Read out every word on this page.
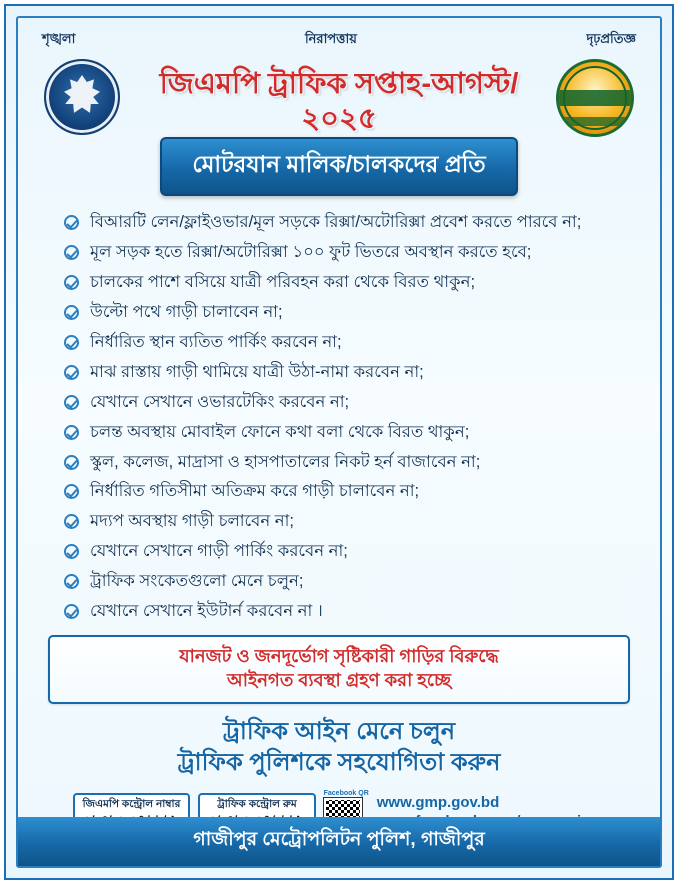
শৃঙ্খলা	নিরাপত্তায়	দৃঢ়প্রতিজ্ঞ
জিএমপি ট্রাফিক সপ্তাহ-আগস্ট/২০২৫
মোটরযান মালিক/চালকদের প্রতি
বিআরটি লেন/ফ্লাইওভার/মূল সড়কে রিক্সা/অটোরিক্সা প্রবেশ করতে পারবে না;
মূল সড়ক হতে রিক্সা/অটোরিক্সা ১০০ ফুট ভিতরে অবস্থান করতে হবে;
চালকের পাশে বসিয়ে যাত্রী পরিবহন করা থেকে বিরত থাকুন;
উল্টো পথে গাড়ী চালাবেন না;
নির্ধারিত স্থান ব্যতিত পার্কিং করবেন না;
মাঝ রাস্তায় গাড়ী থামিয়ে যাত্রী উঠা-নামা করবেন না;
যেখানে সেখানে ওভারটেকিং করবেন না;
চলন্ত অবস্থায় মোবাইল ফোনে কথা বলা থেকে বিরত থাকুন;
স্কুল, কলেজ, মাদ্রাসা ও হাসপাতালের নিকট হর্ন বাজাবেন না;
নির্ধারিত গতিসীমা অতিক্রম করে গাড়ী চালাবেন না;
মদ্যপ অবস্থায় গাড়ী চলাবেন না;
যেখানে সেখানে গাড়ী পার্কিং করবেন না;
ট্রাফিক সংকেতগুলো মেনে চলুন;
যেখানে সেখানে ইউটার্ন করবেন না ।
যানজট ও জনদূর্ভোগ সৃষ্টিকারী গাড়ির বিরুদ্ধে
আইনগত ব্যবস্থা গ্রহণ করা হচ্ছে
ট্রাফিক আইন মেনে চলুন
ট্রাফিক পুলিশকে সহযোগিতা করুন
জিএমপি কন্ট্রোল নাম্বার	ট্রাফিক কন্ট্রোল রুম
Facebook QR
www.gmp.gov.bd
গাজীপুর মেট্রোপলিটন পুলিশ, গাজীপুর
